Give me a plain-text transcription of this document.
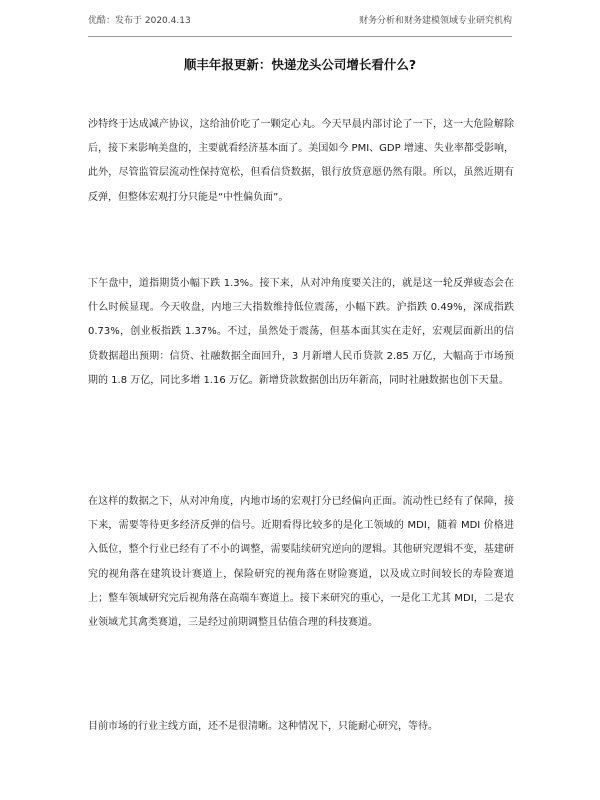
优酷：发布于 2020.4.13	财务分析和财务建模领域专业研究机构
顺丰年报更新：快递龙头公司增长看什么?

沙特终于达成减产协议，这给油价吃了一颗定心丸。今天早晨内部讨论了一下，这一大危险解除后，接下来影响美盘的，主要就看经济基本面了。美国如今 PMI、GDP 增速、失业率都受影响，此外，尽管监管层流动性保持宽松，但看信贷数据，银行放贷意愿仍然有限。所以，虽然近期有反弹，但整体宏观打分只能是“中性偏负面”。

下午盘中，道指期货小幅下跌 1.3%。接下来，从对冲角度要关注的，就是这一轮反弹疲态会在什么时候显现。今天收盘，内地三大指数维持低位震荡，小幅下跌。沪指跌 0.49%，深成指跌 0.73%，创业板指跌 1.37%。不过，虽然处于震荡，但基本面其实在走好，宏观层面新出的信贷数据超出预期：信贷、社融数据全面回升，3 月新增人民币贷款 2.85 万亿，大幅高于市场预期的 1.8 万亿，同比多增 1.16 万亿。新增贷款数据创出历年新高，同时社融数据也创下天量。

在这样的数据之下，从对冲角度，内地市场的宏观打分已经偏向正面。流动性已经有了保障，接下来，需要等待更多经济反弹的信号。近期看得比较多的是化工领域的 MDI，随着 MDI 价格进入低位，整个行业已经有了不小的调整，需要陆续研究逆向的逻辑。其他研究逻辑不变，基建研究的视角落在建筑设计赛道上，保险研究的视角落在财险赛道，以及成立时间较长的寿险赛道上；整车领域研究完后视角落在高端车赛道上。接下来研究的重心，一是化工尤其 MDI，二是农业领域尤其禽类赛道，三是经过前期调整且估值合理的科技赛道。

目前市场的行业主线方面，还不是很清晰。这种情况下，只能耐心研究，等待。
